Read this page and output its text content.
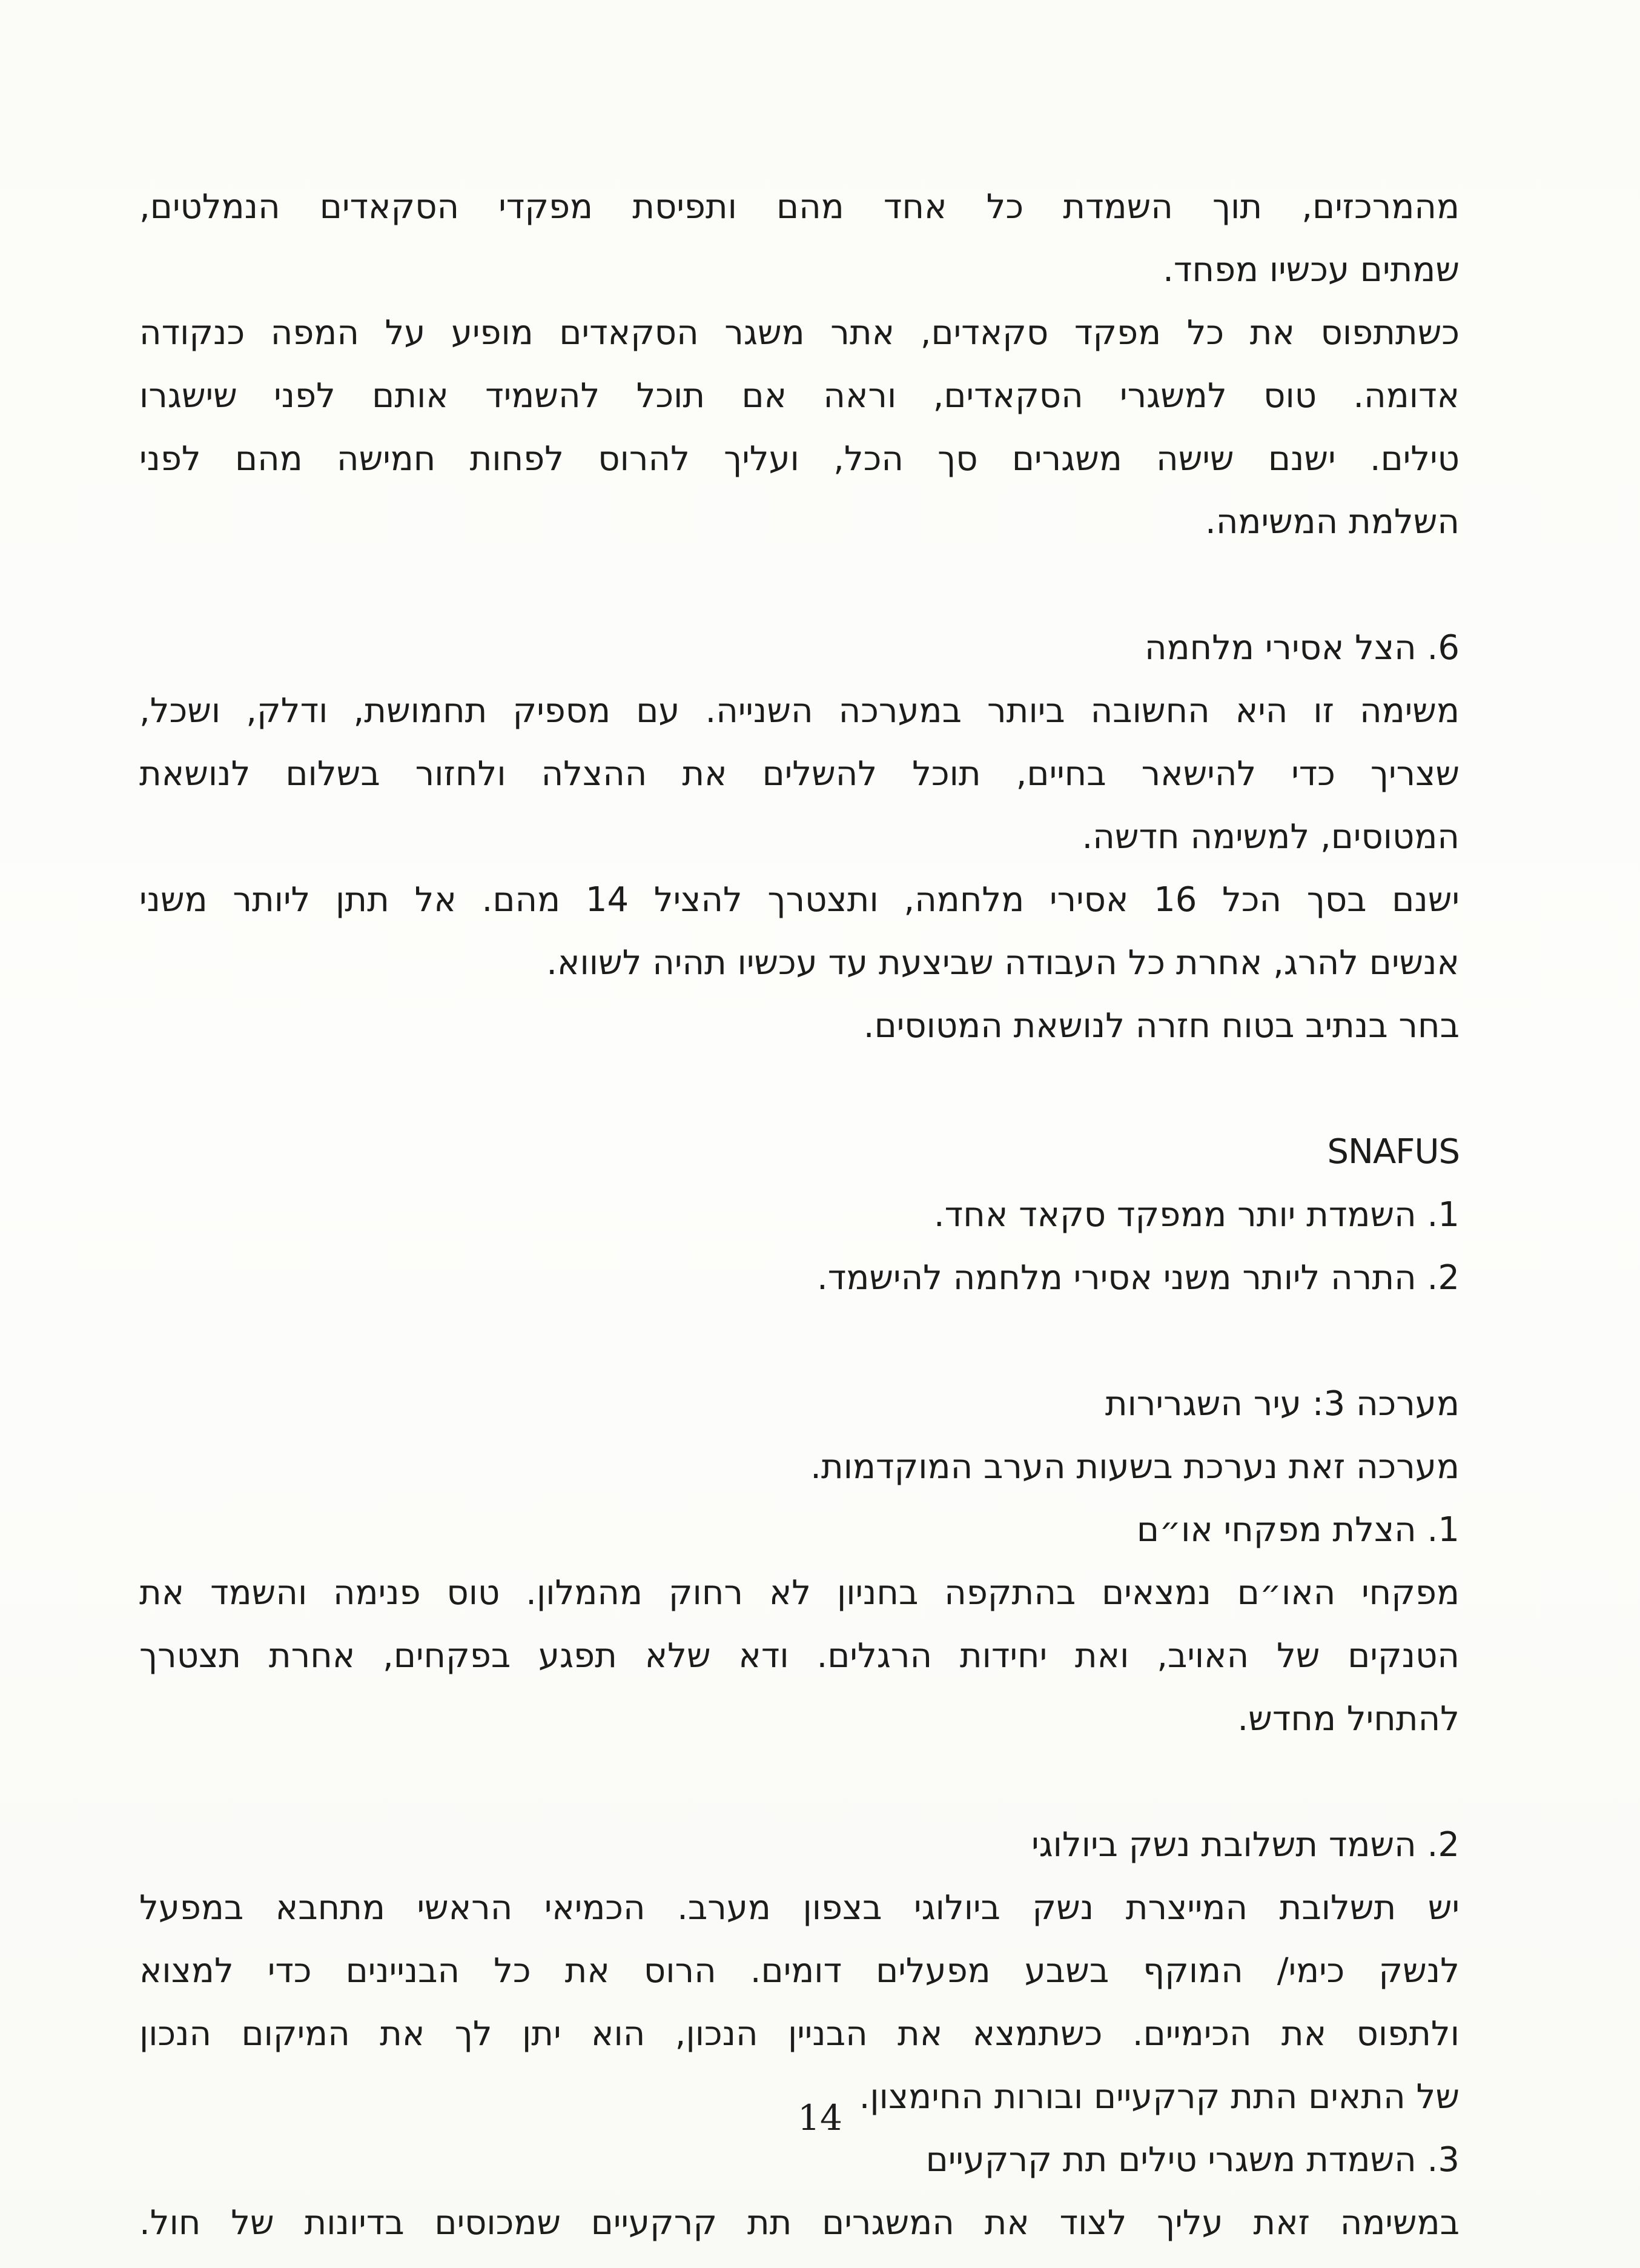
מהמרכזים, תוך השמדת כל אחד מהם ותפיסת מפקדי הסקאדים הנמלטים,
שמתים עכשיו מפחד.
כשתתפוס את כל מפקד סקאדים, אתר משגר הסקאדים מופיע על המפה כנקודה
אדומה. טוס למשגרי הסקאדים, וראה אם תוכל להשמיד אותם לפני שישגרו
טילים. ישנם שישה משגרים סך הכל, ועליך להרוס לפחות חמישה מהם לפני
השלמת המשימה.
6. הצל אסירי מלחמה
משימה זו היא החשובה ביותר במערכה השנייה. עם מספיק תחמושת, ודלק, ושכל,
שצריך כדי להישאר בחיים, תוכל להשלים את ההצלה ולחזור בשלום לנושאת
המטוסים, למשימה חדשה.
ישנם בסך הכל 16 אסירי מלחמה, ותצטרך להציל 14 מהם. אל תתן ליותר משני
אנשים להרג, אחרת כל העבודה שביצעת עד עכשיו תהיה לשווא.
בחר בנתיב בטוח חזרה לנושאת המטוסים.
SNAFUS
1. השמדת יותר ממפקד סקאד אחד.
2. התרה ליותר משני אסירי מלחמה להישמד.
מערכה 3: עיר השגרירות
מערכה זאת נערכת בשעות הערב המוקדמות.
1. הצלת מפקחי או״ם
מפקחי האו״ם נמצאים בהתקפה בחניון לא רחוק מהמלון. טוס פנימה והשמד את
הטנקים של האויב, ואת יחידות הרגלים. ודא שלא תפגע בפקחים, אחרת תצטרך
להתחיל מחדש.
2. השמד תשלובת נשק ביולוגי
יש תשלובת המייצרת נשק ביולוגי בצפון מערב. הכמיאי הראשי מתחבא במפעל
לנשק כימי/ המוקף בשבע מפעלים דומים. הרוס את כל הבניינים כדי למצוא
ולתפוס את הכימיים. כשתמצא את הבניין הנכון, הוא יתן לך את המיקום הנכון
של התאים התת קרקעיים ובורות החימצון.
3. השמדת משגרי טילים תת קרקעיים
במשימה זאת עליך לצוד את המשגרים תת קרקעיים שמכוסים בדיונות של חול.
14
